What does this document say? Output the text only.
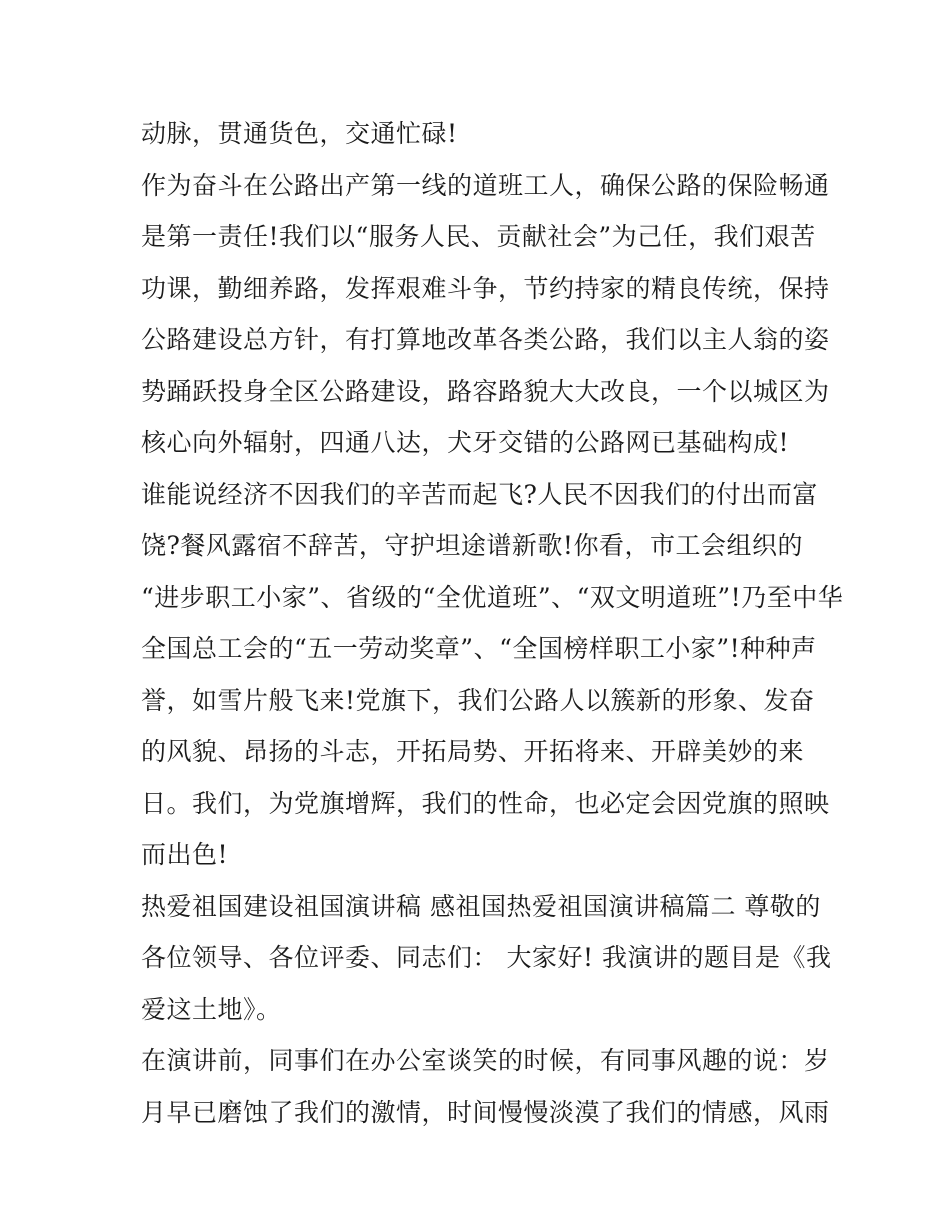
动脉，贯通货色，交通忙碌!
作为奋斗在公路出产第一线的道班工人，确保公路的保险畅通
是第一责任!我们以“服务人民、贡献社会”为己任，我们艰苦
功课，勤细养路，发挥艰难斗争，节约持家的精良传统，保持
公路建设总方针，有打算地改革各类公路，我们以主人翁的姿
势踊跃投身全区公路建设，路容路貌大大改良，一个以城区为
核心向外辐射，四通八达，犬牙交错的公路网已基础构成!
谁能说经济不因我们的辛苦而起飞?人民不因我们的付出而富
饶?餐风露宿不辞苦，守护坦途谱新歌!你看，市工会组织的
“进步职工小家”、省级的“全优道班”、“双文明道班”!乃至中华
全国总工会的“五一劳动奖章”、“全国榜样职工小家”!种种声
誉，如雪片般飞来!党旗下，我们公路人以簇新的形象、发奋
的风貌、昂扬的斗志，开拓局势、开拓将来、开辟美妙的来
日。我们，为党旗增辉，我们的性命，也必定会因党旗的照映
而出色!
热爱祖国建设祖国演讲稿 感祖国热爱祖国演讲稿篇二 尊敬的
各位领导、各位评委、同志们： 大家好! 我演讲的题目是《我
爱这土地》。
在演讲前，同事们在办公室谈笑的时候，有同事风趣的说：岁
月早已磨蚀了我们的激情，时间慢慢淡漠了我们的情感，风雨
